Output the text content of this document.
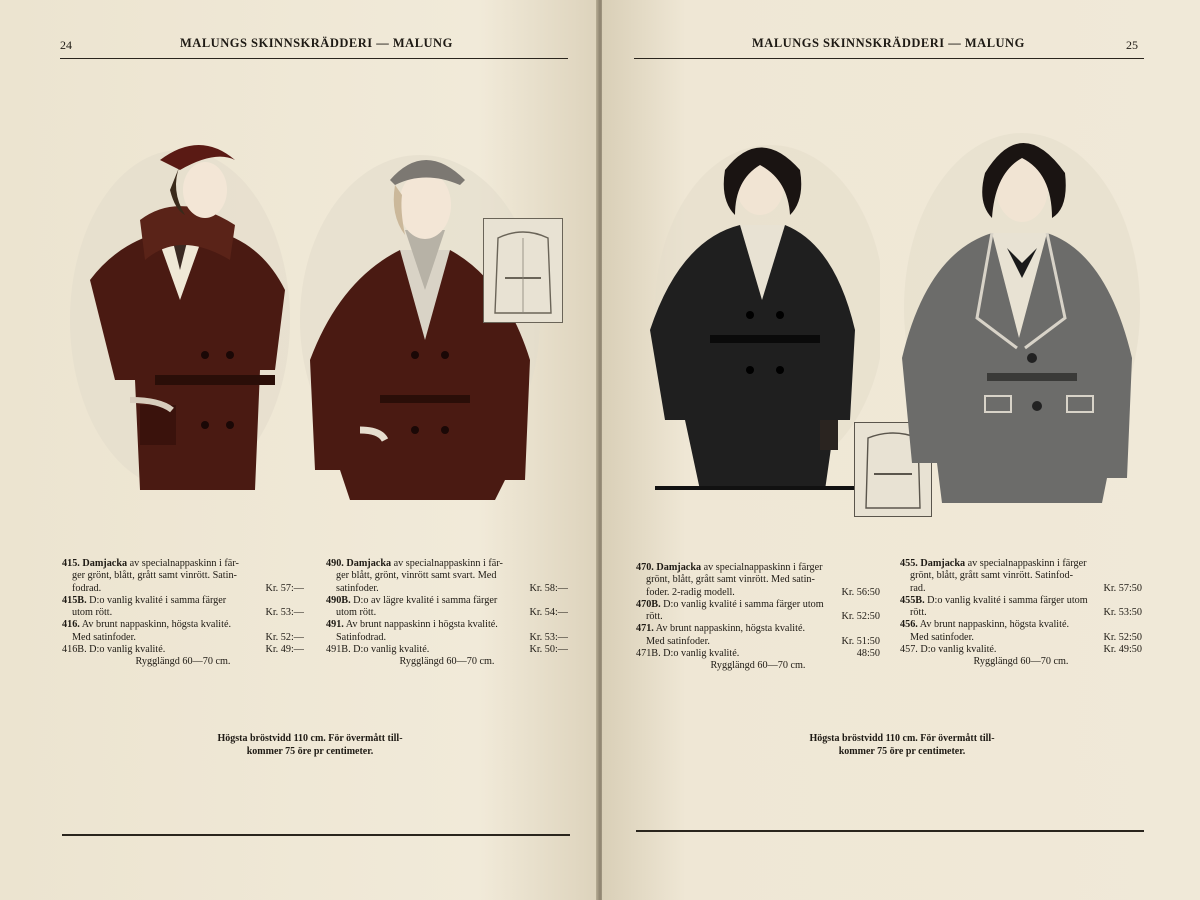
24	MALUNGS SKINNSKRÄDDERI — MALUNG
415. Damjacka av specialnappaskinn i fär-
ger grönt, blått, grått samt vinrött. Satin-
fodrad.	Kr. 57:—
415B. D:o vanlig kvalité i samma färger
utom rött.	Kr. 53:—
416. Av brunt nappaskinn, högsta kvalité.
Med satinfoder.	Kr. 52:—
416B. D:o vanlig kvalité.	Kr. 49:—
Rygglängd 60—70 cm.
490. Damjacka av specialnappaskinn i fär-
ger blått, grönt, vinrött samt svart. Med
satinfoder.	Kr. 58:—
490B. D:o av lägre kvalité i samma färger
utom rött.	Kr. 54:—
491. Av brunt nappaskinn i högsta kvalité.
Satinfodrad.	Kr. 53:—
491B. D:o vanlig kvalité.	Kr. 50:—
Rygglängd 60—70 cm.
Högsta bröstvidd 110 cm. För övermått till-
kommer 75 öre pr centimeter.
MALUNGS SKINNSKRÄDDERI — MALUNG	25
470. Damjacka av specialnappaskinn i färger
grönt, blått, grått samt vinrött. Med satin-
foder. 2-radig modell.	Kr. 56:50
470B. D:o vanlig kvalité i samma färger utom
rött.	Kr. 52:50
471. Av brunt nappaskinn, högsta kvalité.
Med satinfoder.	Kr. 51:50
471B. D:o vanlig kvalité.	48:50
Rygglängd 60—70 cm.
455. Damjacka av specialnappaskinn i färger
grönt, blått, grått samt vinrött. Satinfod-
rad.	Kr. 57:50
455B. D:o vanlig kvalité i samma färger utom
rött.	Kr. 53:50
456. Av brunt nappaskinn, högsta kvalité.
Med satinfoder.	Kr. 52:50
457. D:o vanlig kvalité.	Kr. 49:50
Rygglängd 60—70 cm.
Högsta bröstvidd 110 cm. För övermått till-
kommer 75 öre pr centimeter.
